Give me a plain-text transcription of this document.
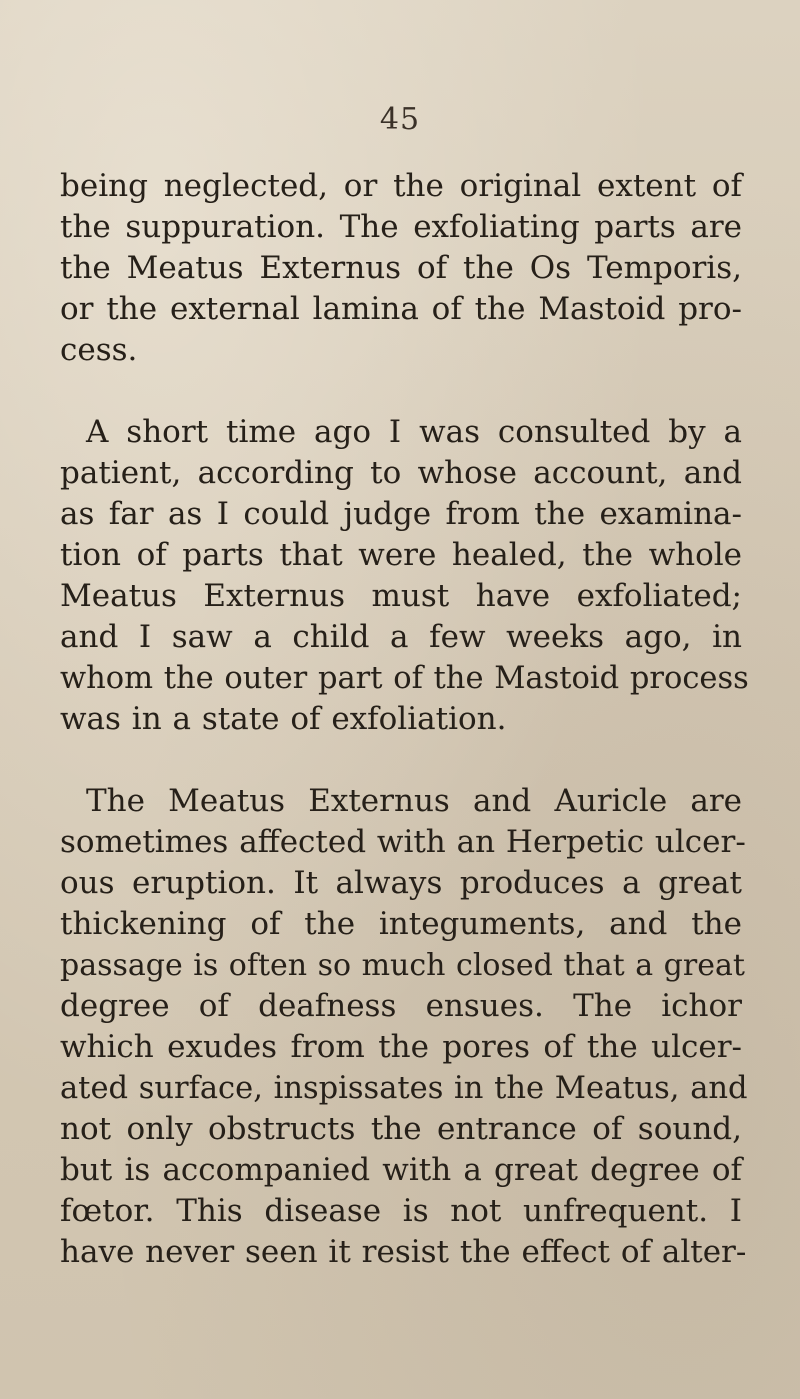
45

being neglected, or the original extent of
the suppuration. The exfoliating parts are
the Meatus Externus of the Os Temporis,
or the external lamina of the Mastoid pro-
cess.

A short time ago I was consulted by a
patient, according to whose account, and
as far as I could judge from the examina-
tion of parts that were healed, the whole
Meatus Externus must have exfoliated;
and I saw a child a few weeks ago, in
whom the outer part of the Mastoid process
was in a state of exfoliation.

The Meatus Externus and Auricle are
sometimes affected with an Herpetic ulcer-
ous eruption. It always produces a great
thickening of the integuments, and the
passage is often so much closed that a great
degree of deafness ensues. The ichor
which exudes from the pores of the ulcer-
ated surface, inspissates in the Meatus, and
not only obstructs the entrance of sound,
but is accompanied with a great degree of
fœtor. This disease is not unfrequent. I
have never seen it resist the effect of alter-
